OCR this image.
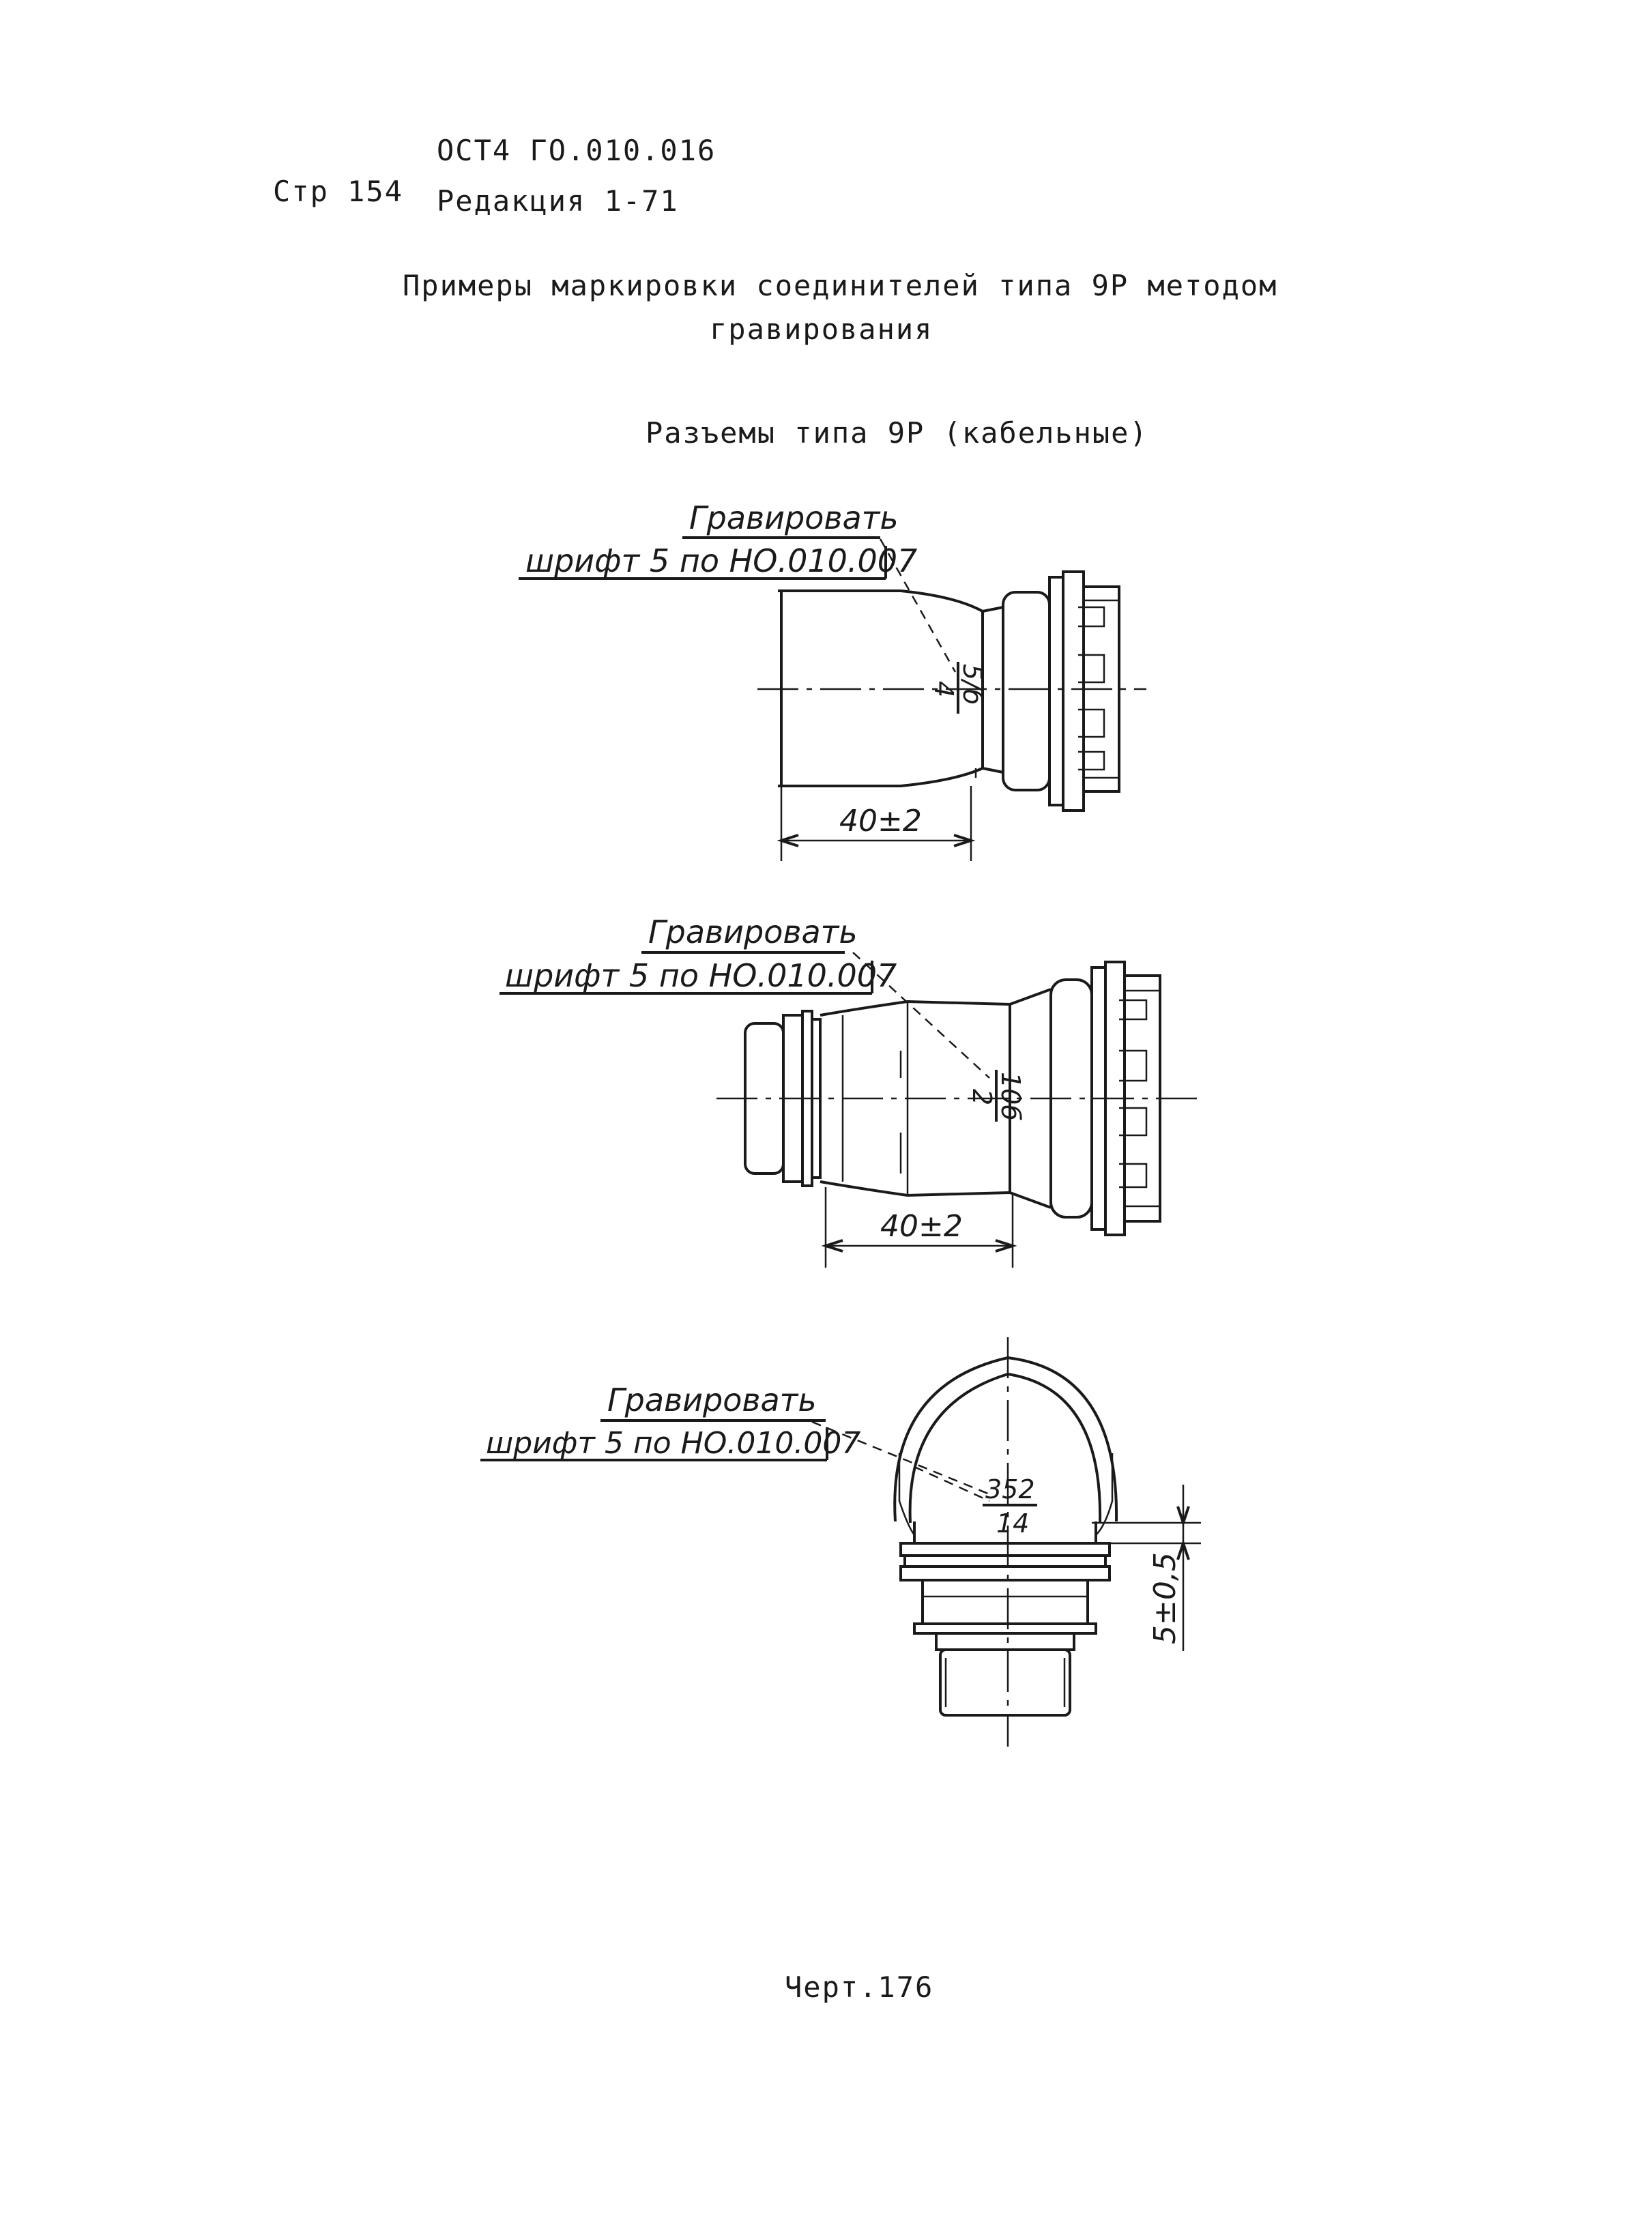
ОСТ4 ГО.010.016
Стр 154 Редакция 1-71
Примеры маркировки соединителей типа 9Р методом
гравирования
Разъемы типа 9Р (кабельные)
Гравировать
шрифт 5 по НО.010.007
5/б
4
40±2
Гравировать
шрифт 5 по НО.010.007
10б
2
40±2
Гравировать
шрифт 5 по НО.010.007
352
14
5±0,5
Черт.176
